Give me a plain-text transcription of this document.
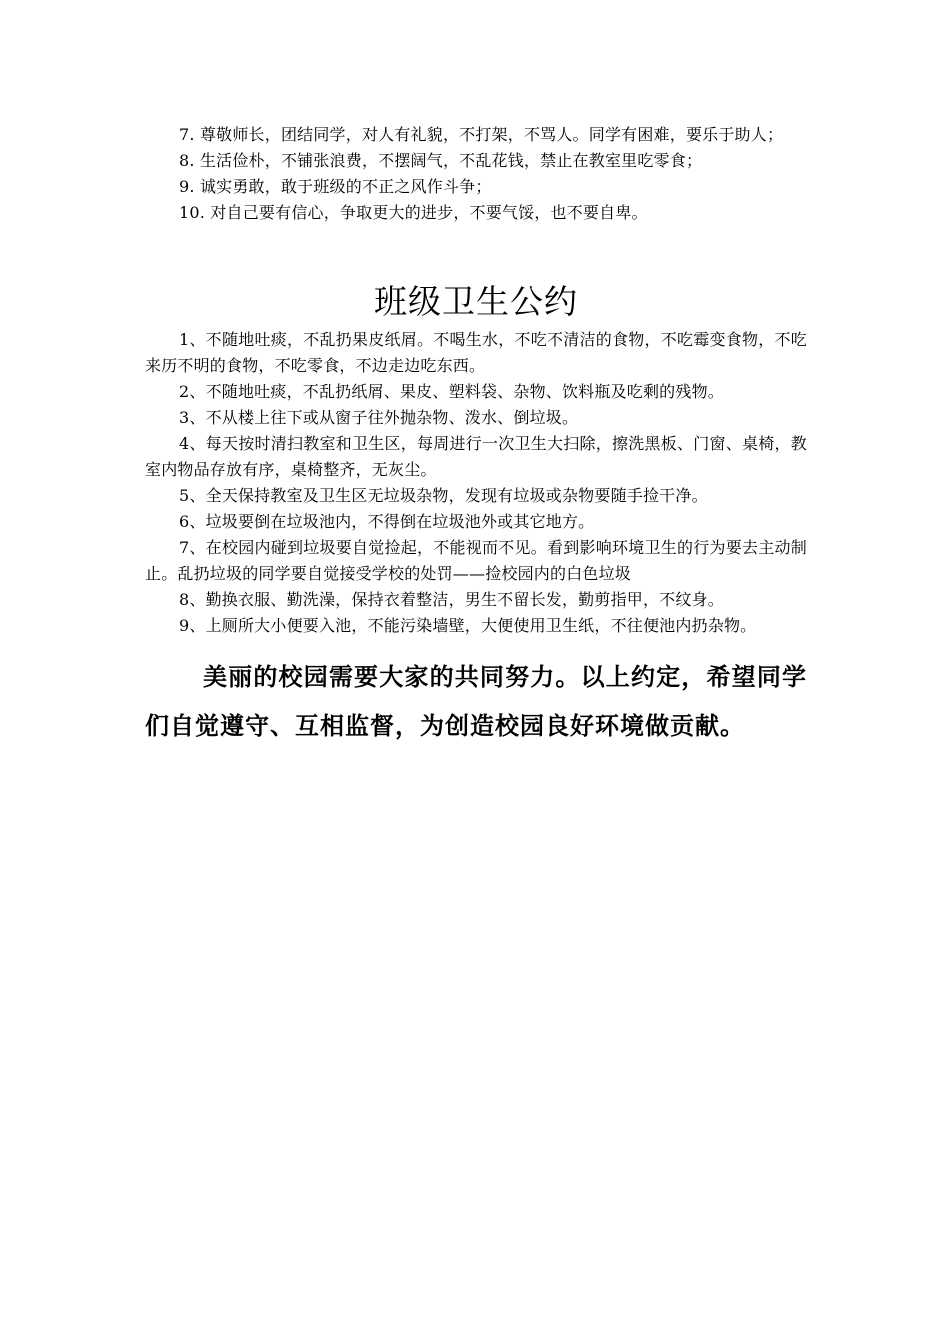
7. 尊敬师长，团结同学，对人有礼貌，不打架，不骂人。同学有困难，要乐于助人；

8. 生活俭朴，不铺张浪费，不摆阔气，不乱花钱，禁止在教室里吃零食；

9. 诚实勇敢，敢于班级的不正之风作斗争；

10. 对自己要有信心，争取更大的进步，不要气馁，也不要自卑。

班级卫生公约

1、不随地吐痰，不乱扔果皮纸屑。不喝生水，不吃不清洁的食物，不吃霉变食物，不吃来历不明的食物，不吃零食，不边走边吃东西。

2、不随地吐痰，不乱扔纸屑、果皮、塑料袋、杂物、饮料瓶及吃剩的残物。

3、不从楼上往下或从窗子往外抛杂物、泼水、倒垃圾。

4、每天按时清扫教室和卫生区，每周进行一次卫生大扫除，擦洗黑板、门窗、桌椅，教室内物品存放有序，桌椅整齐，无灰尘。

5、全天保持教室及卫生区无垃圾杂物，发现有垃圾或杂物要随手捡干净。

6、垃圾要倒在垃圾池内，不得倒在垃圾池外或其它地方。

7、在校园内碰到垃圾要自觉捡起，不能视而不见。看到影响环境卫生的行为要去主动制止。乱扔垃圾的同学要自觉接受学校的处罚——捡校园内的白色垃圾

8、勤换衣服、勤洗澡，保持衣着整洁，男生不留长发，勤剪指甲，不纹身。

9、上厕所大小便要入池，不能污染墙壁，大便使用卫生纸，不往便池内扔杂物。

美丽的校园需要大家的共同努力。以上约定，希望同学们自觉遵守、互相监督，为创造校园良好环境做贡献。
